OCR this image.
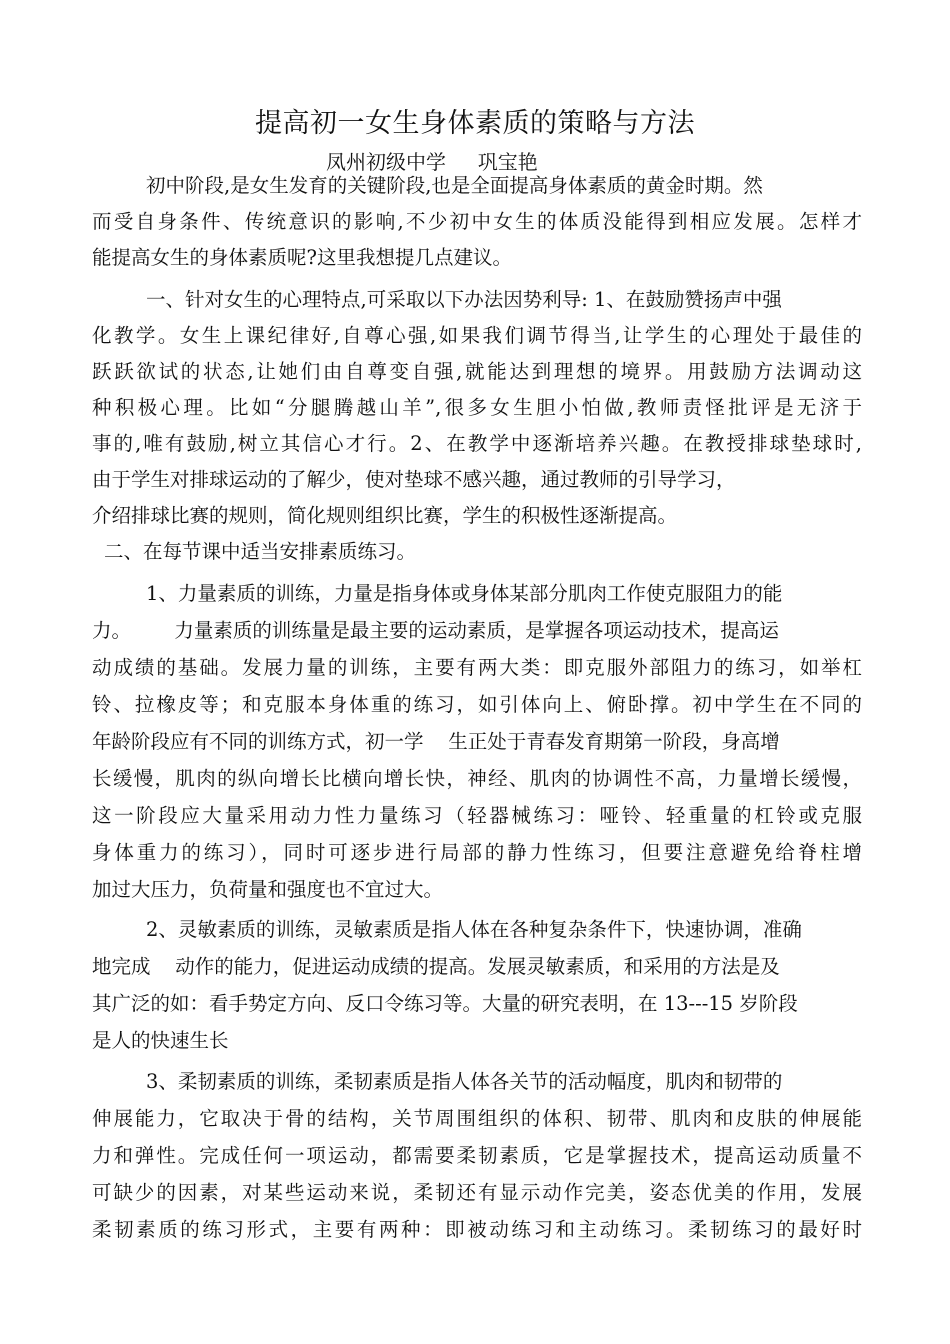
提高初一女生身体素质的策略与方法
凤州初级中学     巩宝艳
初中阶段,是女生发育的关键阶段,也是全面提高身体素质的黄金时期。然
而受自身条件、传统意识的影响,不少初中女生的体质没能得到相应发展。怎样才
能提高女生的身体素质呢?这里我想提几点建议。
一、针对女生的心理特点,可采取以下办法因势利导: 1、在鼓励赞扬声中强
化教学。女生上课纪律好,自尊心强,如果我们调节得当,让学生的心理处于最佳的
跃跃欲试的状态,让她们由自尊变自强,就能达到理想的境界。用鼓励方法调动这
种积极心理。比如“分腿腾越山羊”,很多女生胆小怕做,教师责怪批评是无济于
事的,唯有鼓励,树立其信心才行。2、在教学中逐渐培养兴趣。在教授排球垫球时,
由于学生对排球运动的了解少，使对垫球不感兴趣，通过教师的引导学习，
介绍排球比赛的规则，简化规则组织比赛，学生的积极性逐渐提高。
二、在每节课中适当安排素质练习。
1、力量素质的训练，力量是指身体或身体某部分肌肉工作使克服阻力的能
力。       力量素质的训练量是最主要的运动素质，是掌握各项运动技术，提高运
动成绩的基础。发展力量的训练，主要有两大类：即克服外部阻力的练习，如举杠
铃、拉橡皮等；和克服本身体重的练习，如引体向上、俯卧撑。初中学生在不同的
年龄阶段应有不同的训练方式，初一学    生正处于青春发育期第一阶段，身高增
长缓慢，肌肉的纵向增长比横向增长快，神经、肌肉的协调性不高，力量增长缓慢，
这一阶段应大量采用动力性力量练习（轻器械练习：哑铃、轻重量的杠铃或克服
身体重力的练习），同时可逐步进行局部的静力性练习，但要注意避免给脊柱增
加过大压力，负荷量和强度也不宜过大。
2、灵敏素质的训练，灵敏素质是指人体在各种复杂条件下，快速协调，准确
地完成    动作的能力，促进运动成绩的提高。发展灵敏素质，和采用的方法是及
其广泛的如：看手势定方向、反口令练习等。大量的研究表明，在 13---15 岁阶段
是人的快速生长
3、柔韧素质的训练，柔韧素质是指人体各关节的活动幅度，肌肉和韧带的
伸展能力，它取决于骨的结构，关节周围组织的体积、韧带、肌肉和皮肤的伸展能
力和弹性。完成任何一项运动，都需要柔韧素质，它是掌握技术，提高运动质量不
可缺少的因素，对某些运动来说，柔韧还有显示动作完美，姿态优美的作用，发展
柔韧素质的练习形式，主要有两种：即被动练习和主动练习。柔韧练习的最好时
